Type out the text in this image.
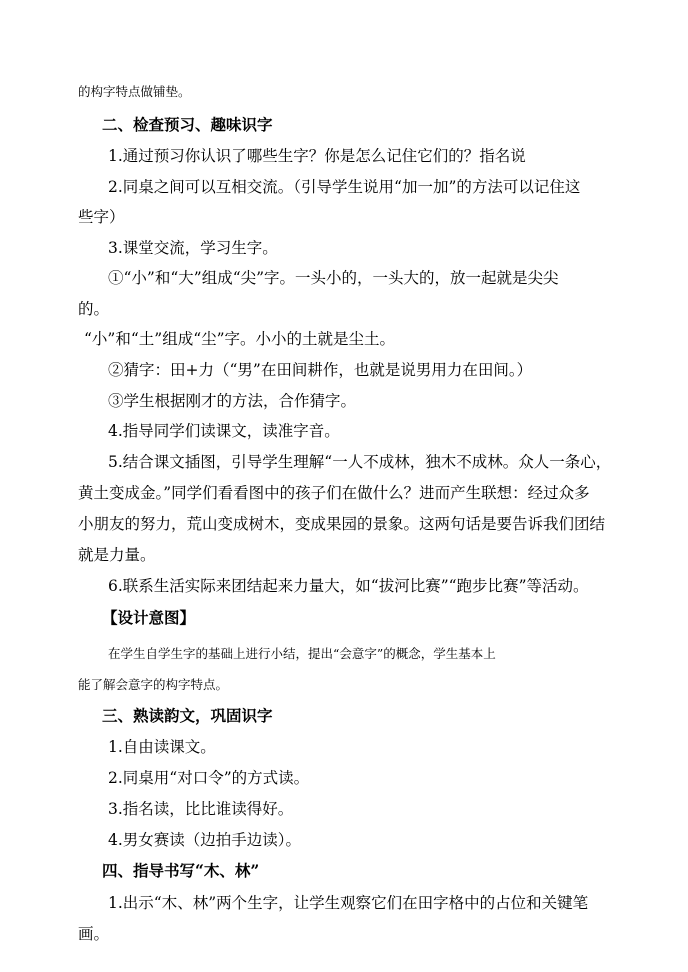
的构字特点做铺垫。
二、检查预习、趣味识字
1.通过预习你认识了哪些生字？你是怎么记住它们的？指名说
2.同桌之间可以互相交流。（引导学生说用“加一加”的方法可以记住这
些字）
3.课堂交流，学习生字。
①“小”和“大”组成“尖”字。一头小的，一头大的，放一起就是尖尖
的。
“小”和“土”组成“尘”字。小小的土就是尘土。
②猜字：田+力（“男”在田间耕作，也就是说男用力在田间。）
③学生根据刚才的方法，合作猜字。
4.指导同学们读课文，读准字音。
5.结合课文插图，引导学生理解“一人不成林，独木不成林。众人一条心，
黄土变成金。”同学们看看图中的孩子们在做什么？进而产生联想：经过众多
小朋友的努力，荒山变成树木，变成果园的景象。这两句话是要告诉我们团结
就是力量。
6.联系生活实际来团结起来力量大，如“拔河比赛”“跑步比赛”等活动。
【设计意图】
在学生自学生字的基础上进行小结，提出“会意字”的概念，学生基本上
能了解会意字的构字特点。
三、熟读韵文，巩固识字
1.自由读课文。
2.同桌用“对口令”的方式读。
3.指名读，比比谁读得好。
4.男女赛读（边拍手边读）。
四、指导书写“木、林”
1.出示“木、林”两个生字，让学生观察它们在田字格中的占位和关键笔
画。
